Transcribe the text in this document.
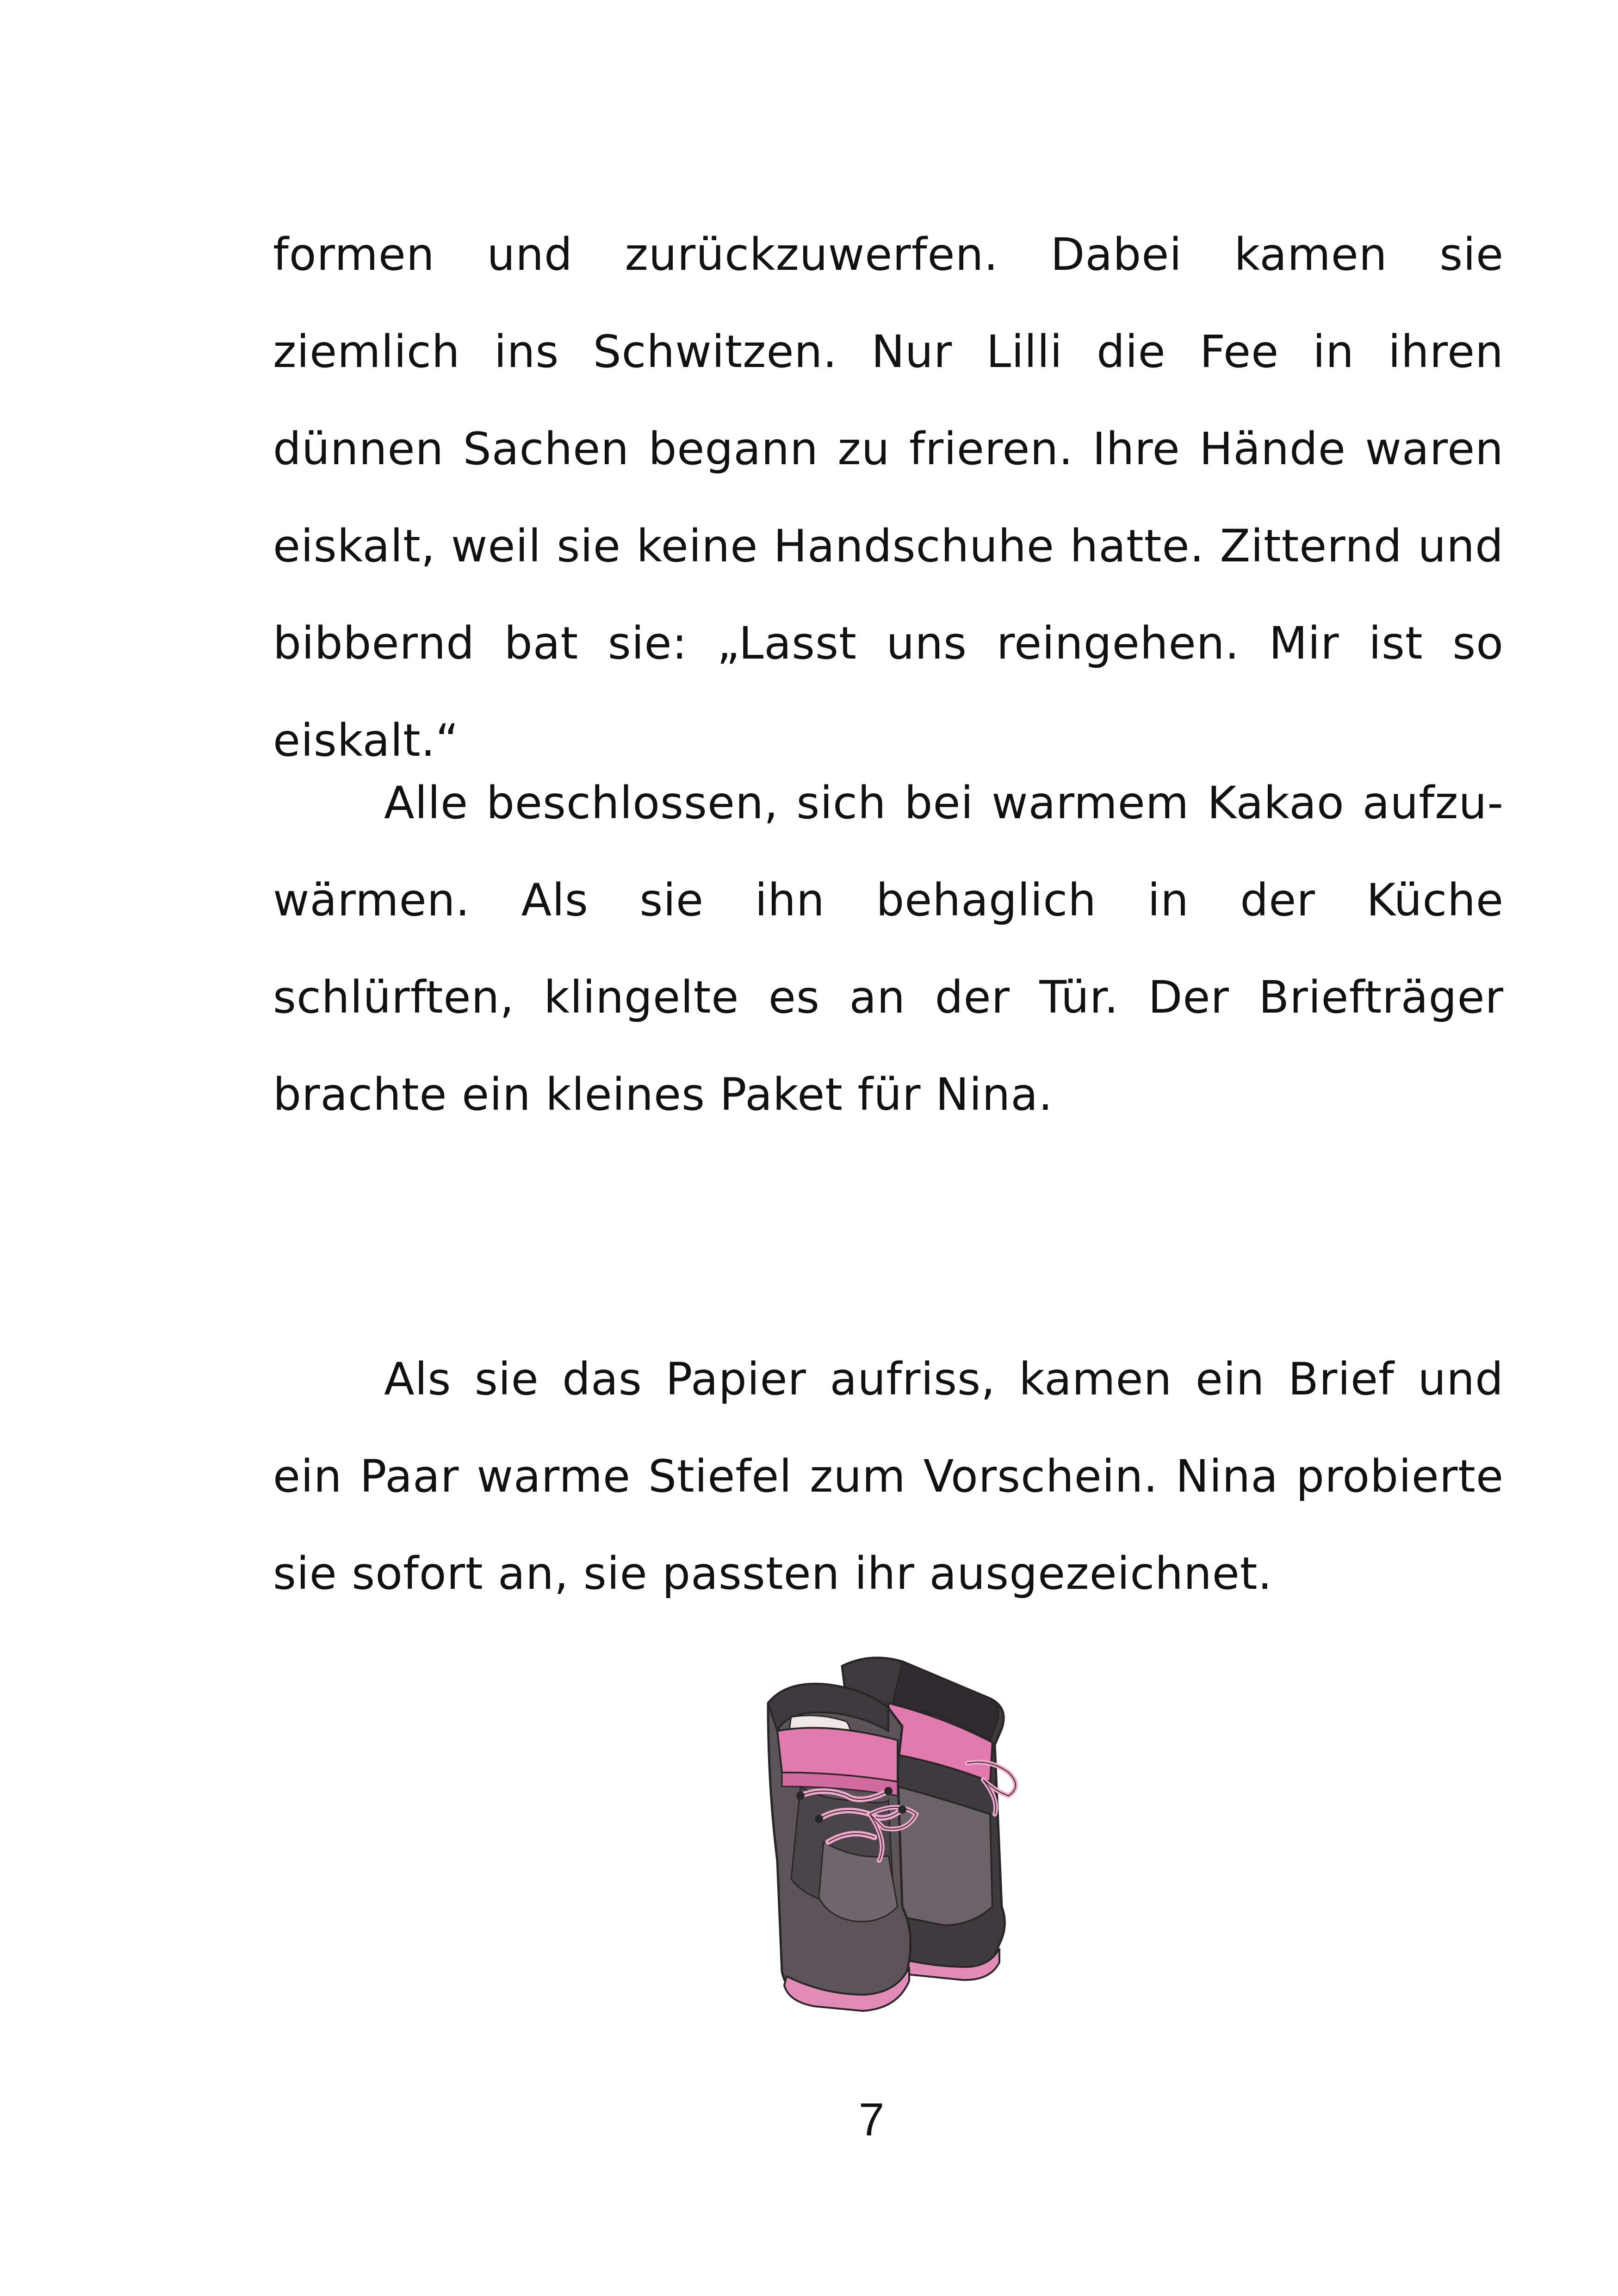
formen und zurückzuwerfen. Dabei kamen sie ziemlich ins Schwitzen. Nur Lilli die Fee in ihren dünnen Sachen begann zu frieren. Ihre Hände waren eiskalt, weil sie keine Handschuhe hatte. Zitternd und bibbernd bat sie: „Lasst uns reingehen. Mir ist so eiskalt.“

Alle beschlossen, sich bei warmem Kakao aufzu-wärmen. Als sie ihn behaglich in der Küche schlürften, klingelte es an der Tür. Der Briefträger brachte ein kleines Paket für Nina.

Als sie das Papier aufriss, kamen ein Brief und ein Paar warme Stiefel zum Vorschein. Nina probierte sie sofort an, sie passten ihr ausgezeichnet.

7
